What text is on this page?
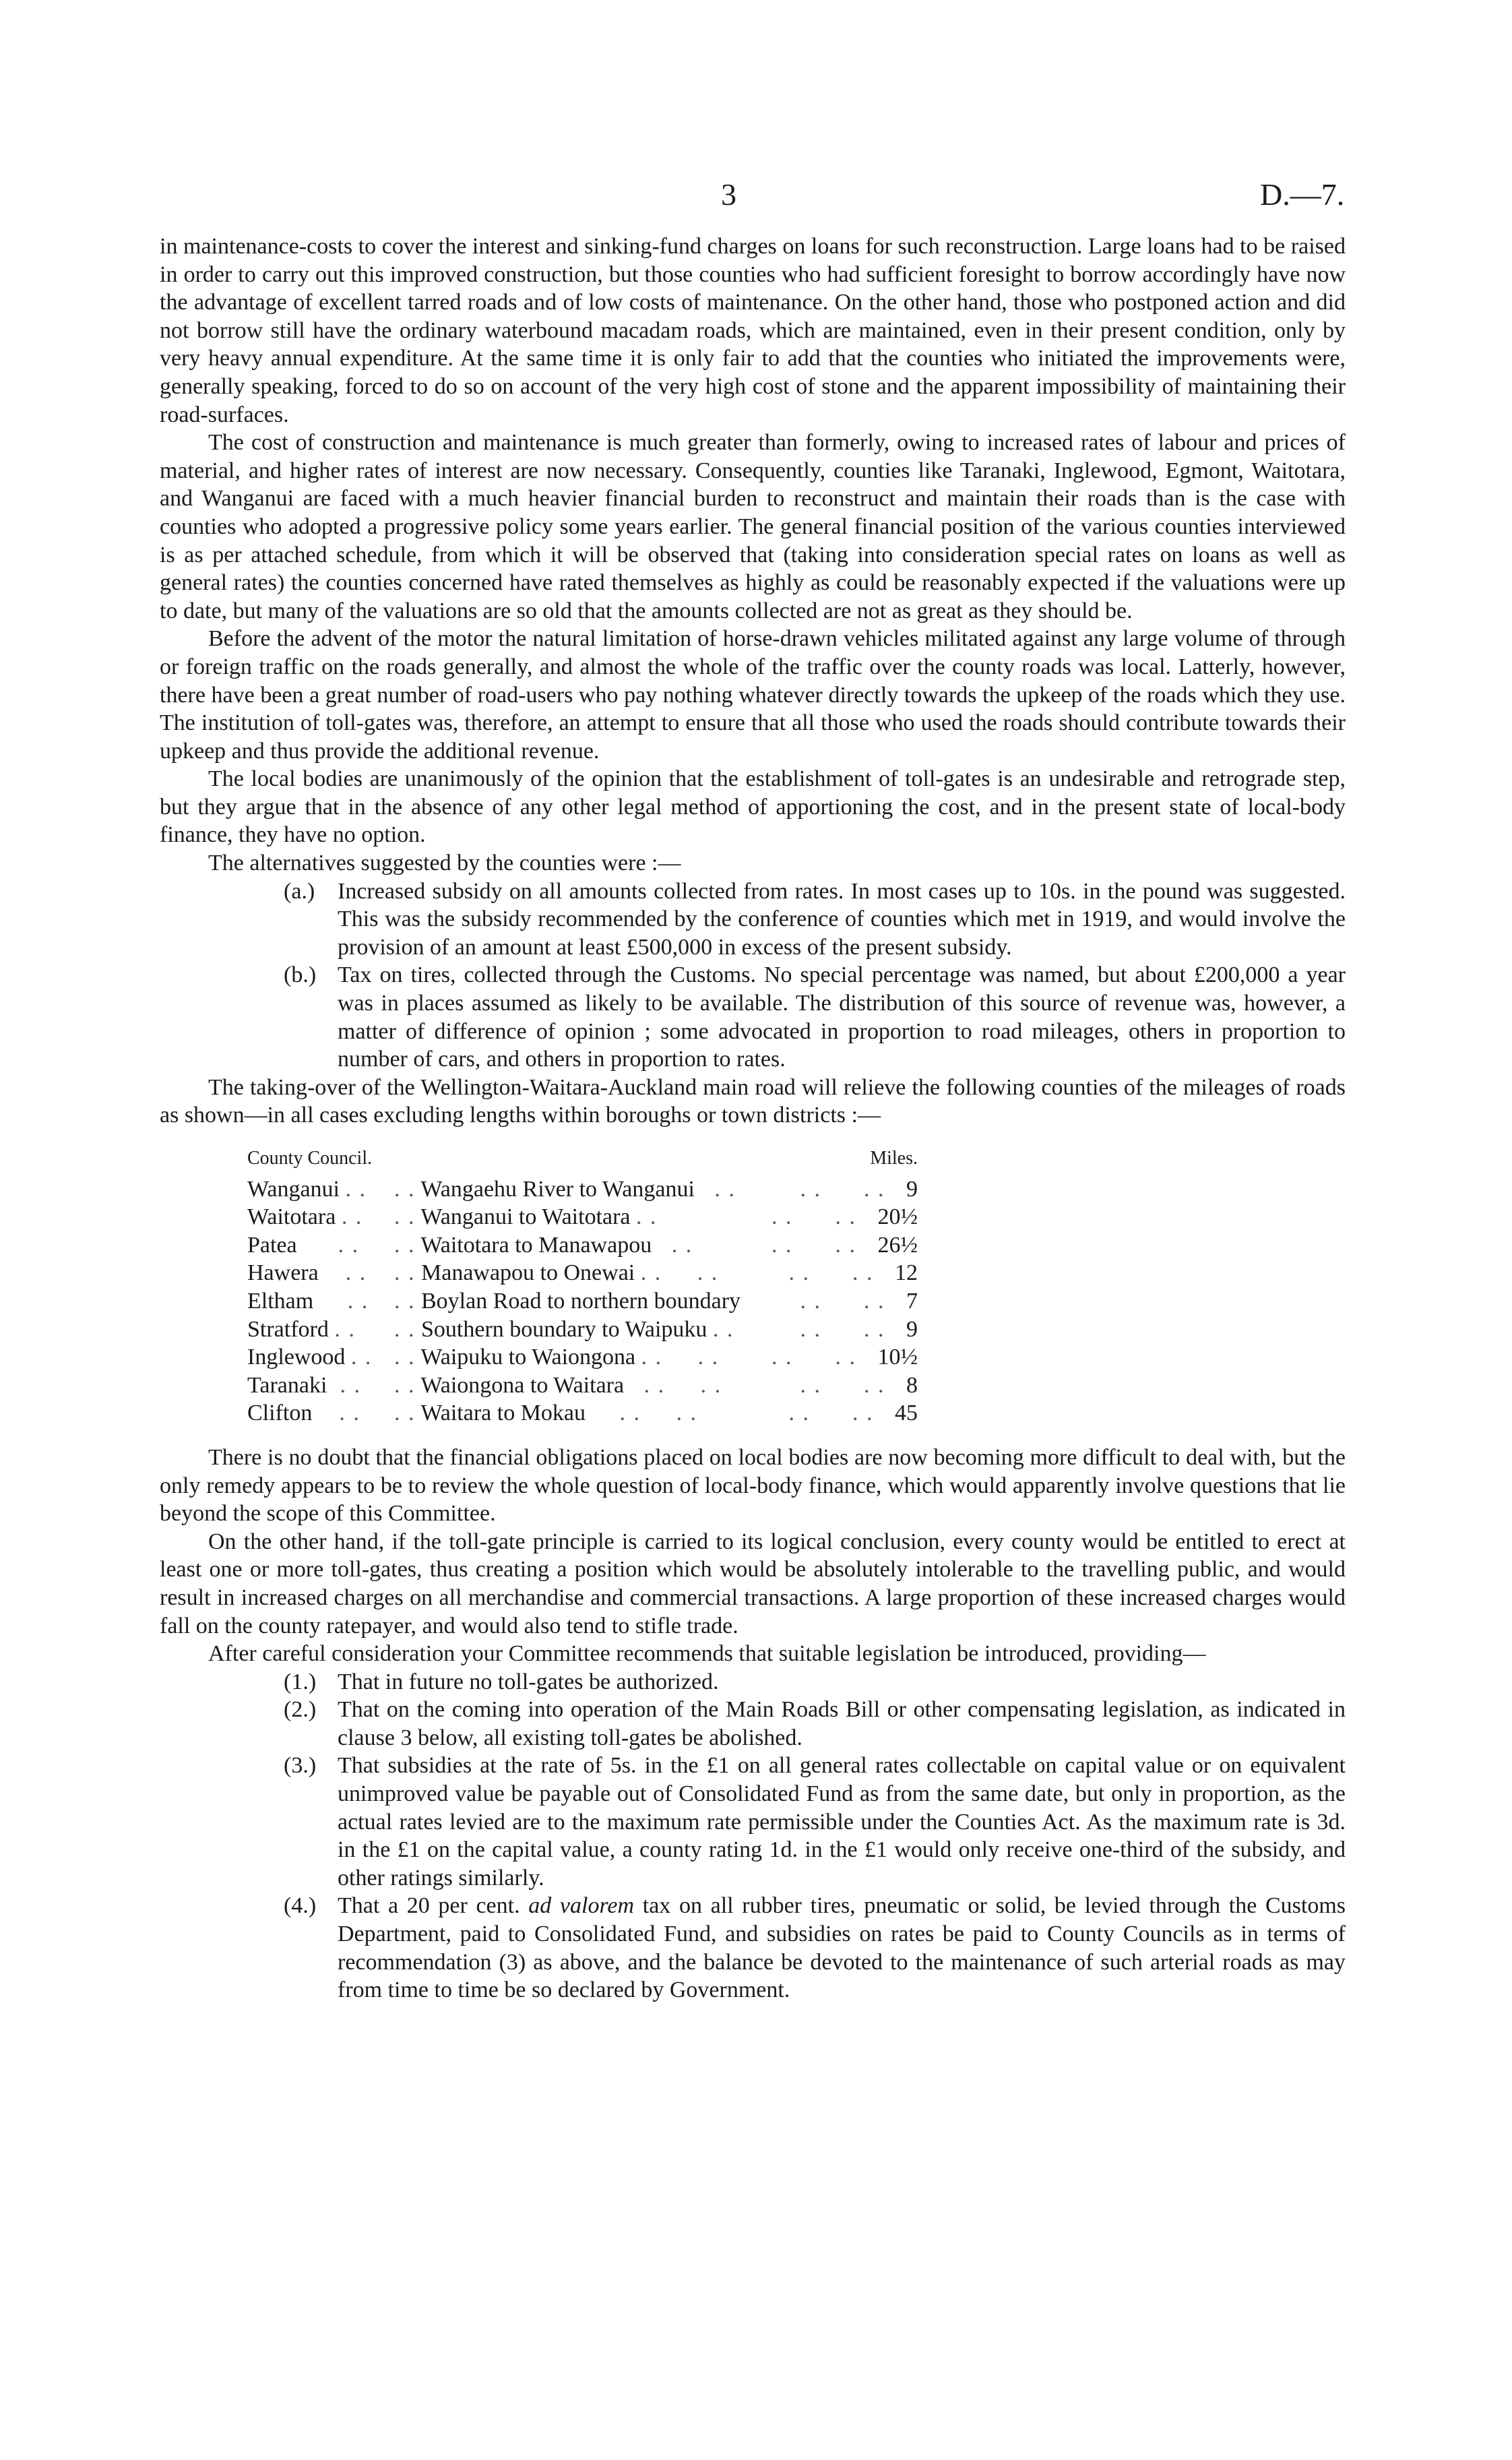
3	D.—7.

in maintenance-costs to cover the interest and sinking-fund charges on loans for such reconstruction. Large loans had to be raised in order to carry out this improved construction, but those counties who had sufficient foresight to borrow accordingly have now the advantage of excellent tarred roads and of low costs of maintenance. On the other hand, those who postponed action and did not borrow still have the ordinary waterbound macadam roads, which are maintained, even in their present condition, only by very heavy annual expenditure. At the same time it is only fair to add that the counties who initiated the improvements were, generally speaking, forced to do so on account of the very high cost of stone and the apparent impossibility of maintaining their road-surfaces.

The cost of construction and maintenance is much greater than formerly, owing to increased rates of labour and prices of material, and higher rates of interest are now necessary. Consequently, counties like Taranaki, Inglewood, Egmont, Waitotara, and Wanganui are faced with a much heavier financial burden to reconstruct and maintain their roads than is the case with counties who adopted a progressive policy some years earlier. The general financial position of the various counties interviewed is as per attached schedule, from which it will be observed that (taking into consideration special rates on loans as well as general rates) the counties concerned have rated themselves as highly as could be reasonably expected if the valuations were up to date, but many of the valuations are so old that the amounts collected are not as great as they should be.

Before the advent of the motor the natural limitation of horse-drawn vehicles militated against any large volume of through or foreign traffic on the roads generally, and almost the whole of the traffic over the county roads was local. Latterly, however, there have been a great number of road-users who pay nothing whatever directly towards the upkeep of the roads which they use. The institution of toll-gates was, therefore, an attempt to ensure that all those who used the roads should contribute towards their upkeep and thus provide the additional revenue.

The local bodies are unanimously of the opinion that the establishment of toll-gates is an undesirable and retrograde step, but they argue that in the absence of any other legal method of apportioning the cost, and in the present state of local-body finance, they have no option.

The alternatives suggested by the counties were :—

(a.) Increased subsidy on all amounts collected from rates. In most cases up to 10s. in the pound was suggested. This was the subsidy recommended by the conference of counties which met in 1919, and would involve the provision of an amount at least £500,000 in excess of the present subsidy.
(b.) Tax on tires, collected through the Customs. No special percentage was named, but about £200,000 a year was in places assumed as likely to be available. The distribution of this source of revenue was, however, a matter of difference of opinion ; some advocated in proportion to road mileages, others in proportion to number of cars, and others in proportion to rates.

The taking-over of the Wellington-Waitara-Auckland main road will relieve the following counties of the mileages of roads as shown—in all cases excluding lengths within boroughs or town districts :—

County Council.			Miles.
Wanganui . .		. . Wangaehu River to Wanganui   . .	. .      . .   9
Waitotara . .		. . Wanganui to Waitotara . .	. .      . .   20½
Patea      . .		. . Waitotara to Manawapou   . .	. .      . .   26½
Hawera    . .		. . Manawapou to Onewai . .     . .	. .      . .   12
Eltham     . .		. . Boylan Road to northern boundary	. .      . .   7
Stratford . .		. . Southern boundary to Waipuku . .	. .      . .   9
Inglewood . .		. . Waipuku to Waiongona . .     . .	. .      . .   10½
Taranaki  . .		. . Waiongona to Waitara   . .     . .	. .      . .   8
Clifton    . .		. . Waitara to Mokau     . .     . .	. .      . .   45

There is no doubt that the financial obligations placed on local bodies are now becoming more difficult to deal with, but the only remedy appears to be to review the whole question of local-body finance, which would apparently involve questions that lie beyond the scope of this Committee.

On the other hand, if the toll-gate principle is carried to its logical conclusion, every county would be entitled to erect at least one or more toll-gates, thus creating a position which would be absolutely intolerable to the travelling public, and would result in increased charges on all merchandise and commercial transactions. A large proportion of these increased charges would fall on the county ratepayer, and would also tend to stifle trade.

After careful consideration your Committee recommends that suitable legislation be introduced, providing—

(1.) That in future no toll-gates be authorized.
(2.) That on the coming into operation of the Main Roads Bill or other compensating legislation, as indicated in clause 3 below, all existing toll-gates be abolished.
(3.) That subsidies at the rate of 5s. in the £1 on all general rates collectable on capital value or on equivalent unimproved value be payable out of Consolidated Fund as from the same date, but only in proportion, as the actual rates levied are to the maximum rate permissible under the Counties Act. As the maximum rate is 3d. in the £1 on the capital value, a county rating 1d. in the £1 would only receive one-third of the subsidy, and other ratings similarly.
(4.) That a 20 per cent. ad valorem tax on all rubber tires, pneumatic or solid, be levied through the Customs Department, paid to Consolidated Fund, and subsidies on rates be paid to County Councils as in terms of recommendation (3) as above, and the balance be devoted to the maintenance of such arterial roads as may from time to time be so declared by Government.
